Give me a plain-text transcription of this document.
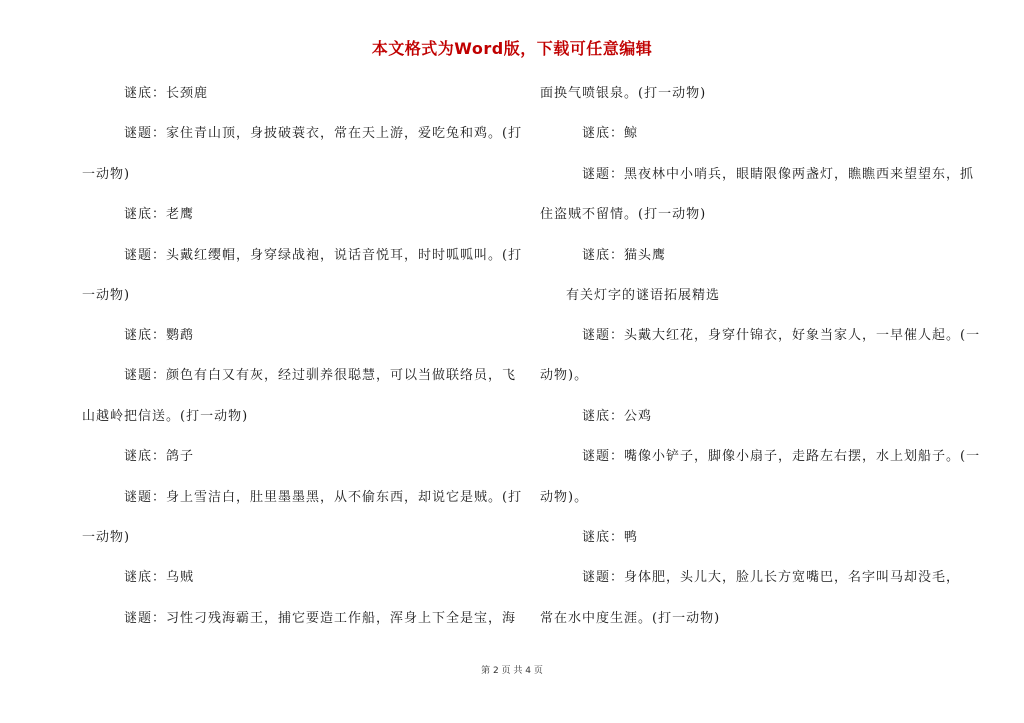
本文格式为Word版，下载可任意编辑
谜底：长颈鹿
谜题：家住青山顶，身披破蓑衣，常在天上游，爱吃兔和鸡。(打
一动物)
谜底：老鹰
谜题：头戴红缨帽，身穿绿战袍，说话音悦耳，时时呱呱叫。(打
一动物)
谜底：鹦鹉
谜题：颜色有白又有灰，经过驯养很聪慧，可以当做联络员，飞
山越岭把信送。(打一动物)
谜底：鸽子
谜题：身上雪洁白，肚里墨墨黑，从不偷东西，却说它是贼。(打
一动物)
谜底：乌贼
谜题：习性刁残海霸王，捕它要造工作船，浑身上下全是宝，海
面换气喷银泉。(打一动物)
谜底：鲸
谜题：黑夜林中小哨兵，眼睛限像两盏灯，瞧瞧西来望望东，抓
住盗贼不留情。(打一动物)
谜底：猫头鹰
有关灯字的谜语拓展精选
谜题：头戴大红花，身穿什锦衣，好象当家人，一早催人起。(一
动物)。
谜底：公鸡
谜题：嘴像小铲子，脚像小扇子，走路左右摆，水上划船子。(一
动物)。
谜底：鸭
谜题：身体肥，头儿大，脸儿长方宽嘴巴，名字叫马却没毛，
常在水中度生涯。(打一动物)
第 2 页 共 4 页
